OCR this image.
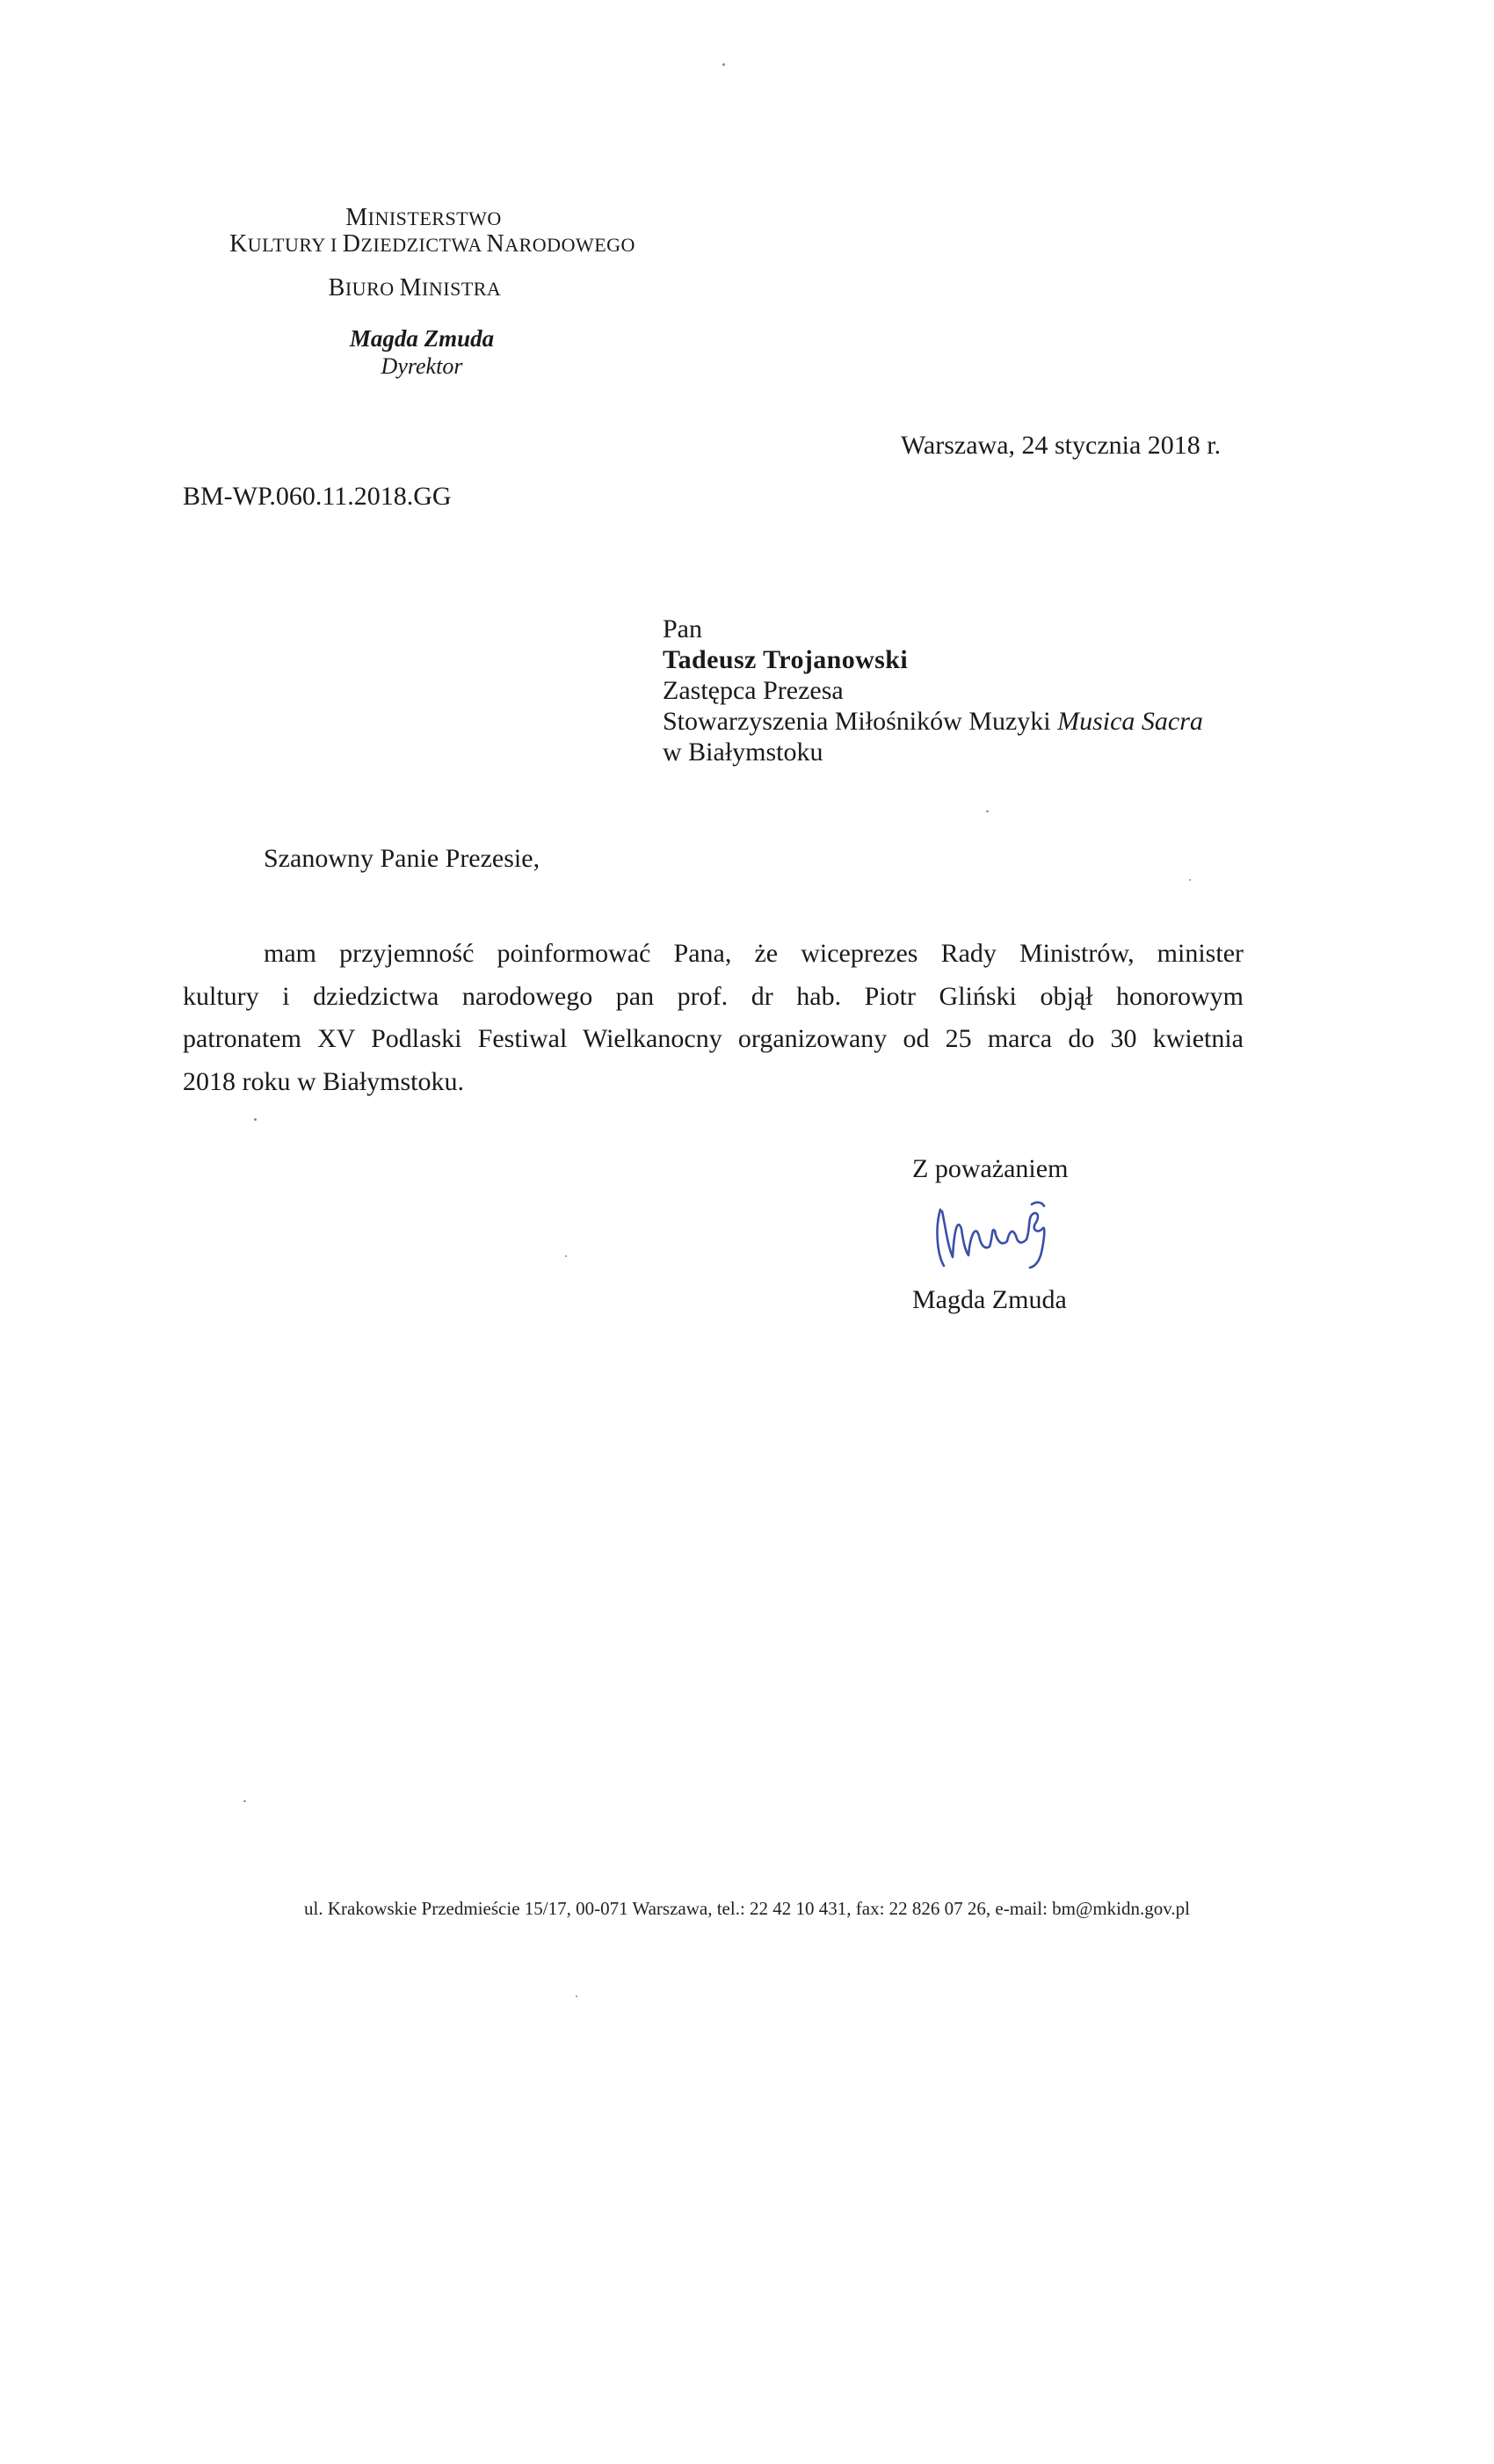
MINISTERSTWO
KULTURY I DZIEDZICTWA NARODOWEGO
BIURO MINISTRA
Magda Zmuda
Dyrektor
Warszawa, 24 stycznia 2018 r.
BM-WP.060.11.2018.GG
Pan
Tadeusz Trojanowski
Zastępca Prezesa
Stowarzyszenia Miłośników Muzyki Musica Sacra
w Białymstoku
Szanowny Panie Prezesie,
mam przyjemność poinformować Pana, że wiceprezes Rady Ministrów, minister
kultury i dziedzictwa narodowego pan prof. dr hab. Piotr Gliński objął honorowym
patronatem XV Podlaski Festiwal Wielkanocny organizowany od 25 marca do 30 kwietnia
2018 roku w Białymstoku.
Z poważaniem
Magda Zmuda
ul. Krakowskie Przedmieście 15/17, 00-071 Warszawa, tel.: 22 42 10 431, fax: 22 826 07 26, e-mail: bm@mkidn.gov.pl
